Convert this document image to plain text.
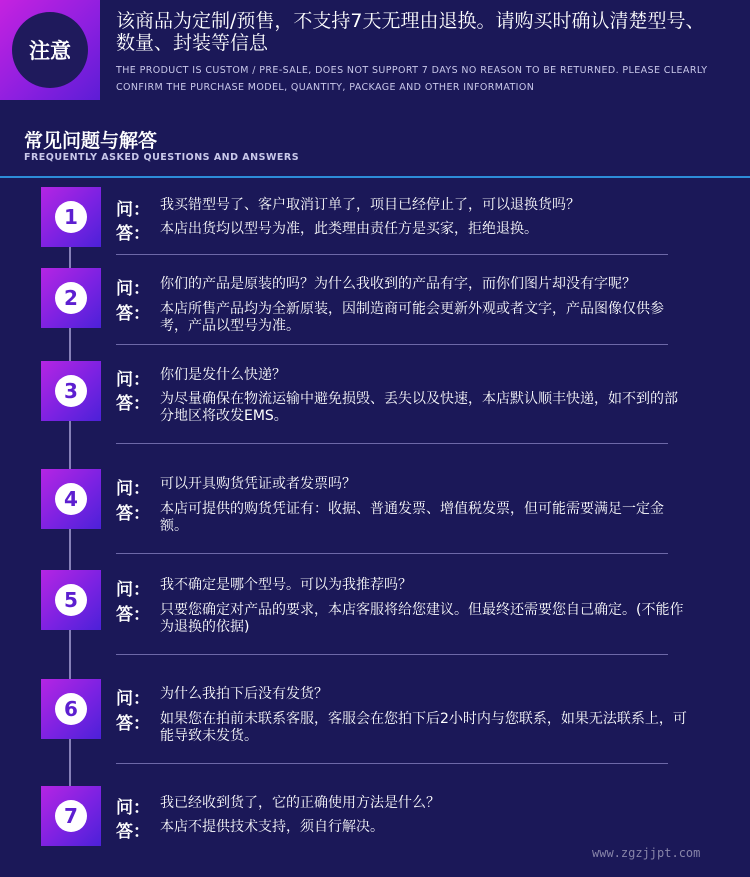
注意
该商品为定制/预售，不支持7天无理由退换。请购买时确认清楚型号、数量、封装等信息
THE PRODUCT IS CUSTOM / PRE-SALE, DOES NOT SUPPORT 7 DAYS NO REASON TO BE RETURNED. PLEASE CLEARLY CONFIRM THE PURCHASE MODEL, QUANTITY, PACKAGE AND OTHER INFORMATION
常见问题与解答
FREQUENTLY ASKED QUESTIONS AND ANSWERS
1	问： 我买错型号了、客户取消订单了，项目已经停止了，可以退换货吗？
答： 本店出货均以型号为准，此类理由责任方是买家，拒绝退换。
2	问： 你们的产品是原装的吗？为什么我收到的产品有字，而你们图片却没有字呢？
答： 本店所售产品均为全新原装，因制造商可能会更新外观或者文字，产品图像仅供参考，产品以型号为准。
3	问： 你们是发什么快递？
答： 为尽量确保在物流运输中避免损毁、丢失以及快速，本店默认顺丰快递，如不到的部分地区将改发EMS。
4	问： 可以开具购货凭证或者发票吗？
答： 本店可提供的购货凭证有：收据、普通发票、增值税发票，但可能需要满足一定金额。
5	问： 我不确定是哪个型号。可以为我推荐吗？
答： 只要您确定对产品的要求，本店客服将给您建议。但最终还需要您自己确定。(不能作为退换的依据)
6	问： 为什么我拍下后没有发货？
答： 如果您在拍前未联系客服，客服会在您拍下后2小时内与您联系，如果无法联系上，可能导致未发货。
7	问： 我已经收到货了，它的正确使用方法是什么？
答： 本店不提供技术支持，须自行解决。
www.zgzjjpt.com
